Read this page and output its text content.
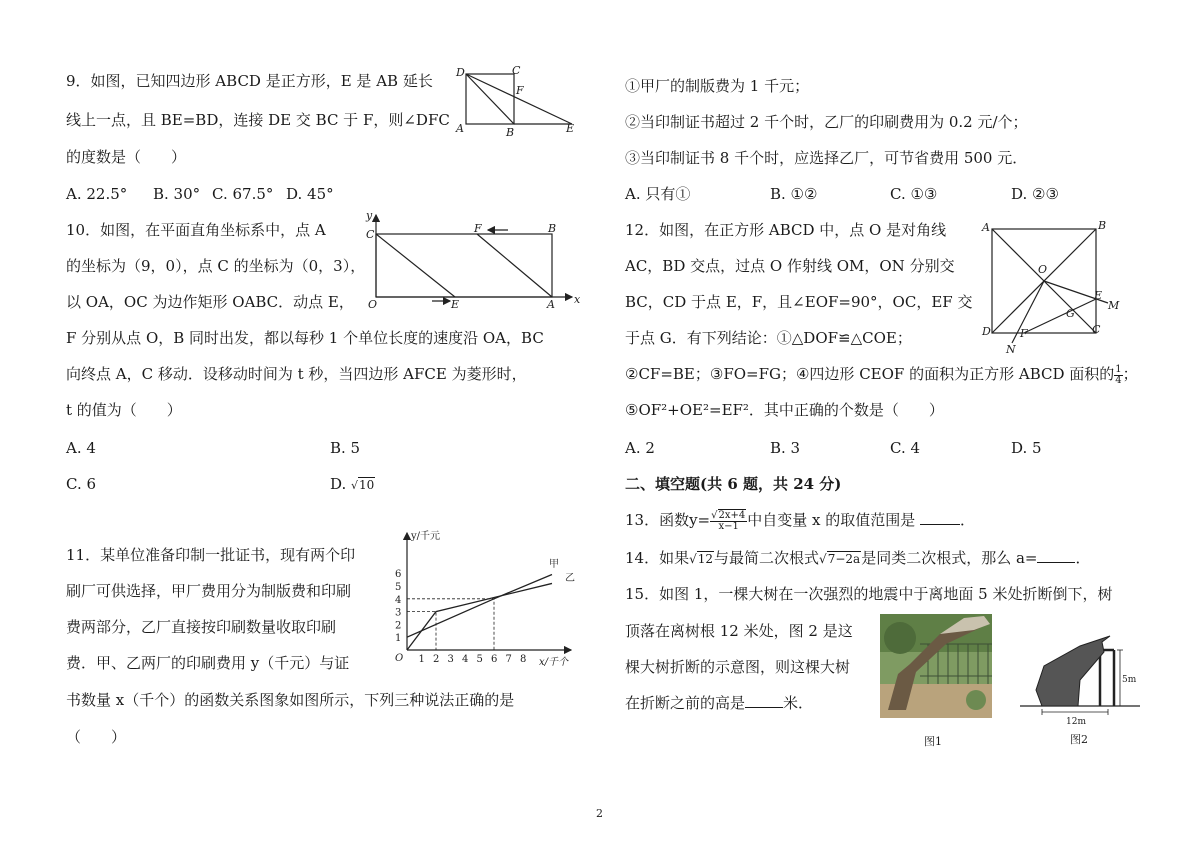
9．如图，已知四边形 ABCD 是正方形，E 是 AB 延长
线上一点，且 BE=BD，连接 DE 交 BC 于 F，则∠DFC
的度数是（　　）
A. 22.5° B. 30° C. 67.5° D. 45°
D	C
F
A	B	E
10．如图，在平面直角坐标系中，点 A
的坐标为（9，0），点 C 的坐标为（0，3），
以 OA，OC 为边作矩形 OABC．动点 E，
F 分别从点 O，B 同时出发，都以每秒 1 个单位长度的速度沿 OA，BC
向终点 A，C 移动．设移动时间为 t 秒，当四边形 AFCE 为菱形时，
t 的值为（　　）
A. 4	B. 5
C. 6	D. √10
y
C	F	B
O	E	A x
11．某单位准备印制一批证书，现有两个印
刷厂可供选择，甲厂费用分为制版费和印刷
费两部分，乙厂直接按印刷数量收取印刷
费．甲、乙两厂的印刷费用 y（千元）与证
书数量 x（千个）的函数关系图象如图所示，下列三种说法正确的是
（　　）
1
2
3
4
5
6
1 2 3 4 5 6 7 8
y/千元
x/千个
O
甲
乙
①甲厂的制版费为 1 千元；
②当印制证书超过 2 千个时，乙厂的印刷费用为 0.2 元/个；
③当印制证书 8 千个时，应选择乙厂，可节省费用 500 元．
A. 只有①	B. ①②	C. ①③	D. ②③
12．如图，在正方形 ABCD 中，点 O 是对角线
AC，BD 交点，过点 O 作射线 OM，ON 分别交
BC，CD 于点 E，F，且∠EOF=90°，OC，EF 交
于点 G．有下列结论：①△DOF≌△COE；
②CF=BE；③FO=FG；④四边形 CEOF 的面积为正方形 ABCD 面积的 $\frac{1}{4}$ ；
⑤OF²+OE²=EF²．其中正确的个数是（　　）
A. 2	B. 3	C. 4	D. 5
A	B
O
E
M
G
D	F	C
N
二、填空题(共 6 题，共 24 分)
13．函数$y= \frac{√2x+4}{x-1}$ 中自变量 x 的取值范围是	．
14．如果√12与最简二次根式√7−2a是同类二次根式，那么 a=	．
15．如图 1，一棵大树在一次强烈的地震中于离地面 5 米处折断倒下，树
顶落在离树根 12 米处，图 2 是这
棵大树折断的示意图，则这棵大树
在折断之前的高是	米．
图1
5m
12m
图2
2
